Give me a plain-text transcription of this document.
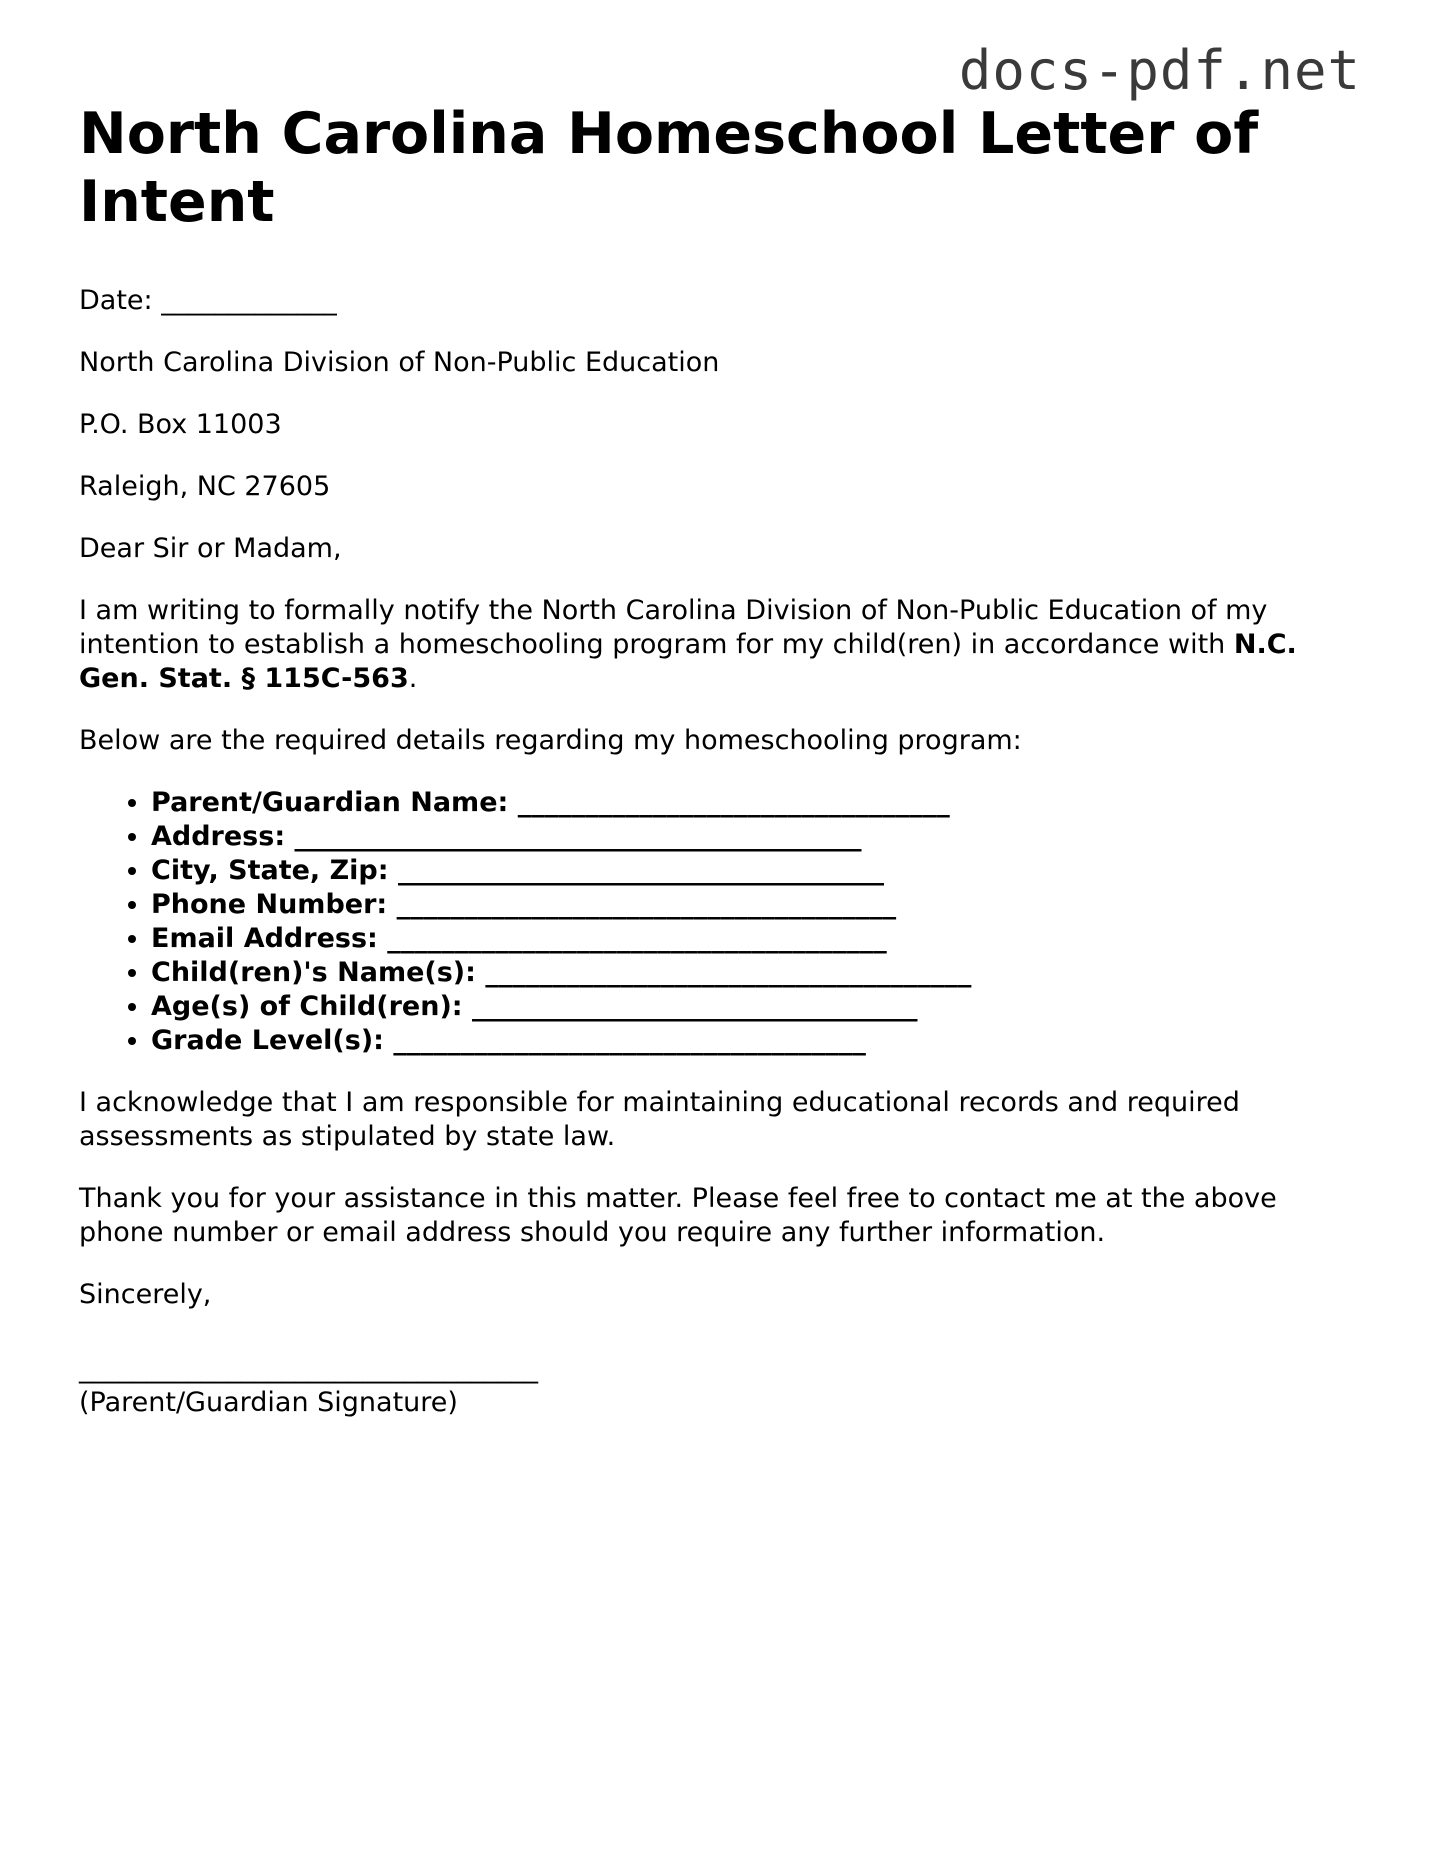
docs-pdf.net
North Carolina Homeschool Letter of Intent

Date: _____________

North Carolina Division of Non-Public Education

P.O. Box 11003

Raleigh, NC 27605

Dear Sir or Madam,

I am writing to formally notify the North Carolina Division of Non-Public Education of my intention to establish a homeschooling program for my child(ren) in accordance with N.C. Gen. Stat. § 115C-563.

Below are the required details regarding my homeschooling program:

• Parent/Guardian Name: ________________________________
• Address: __________________________________________
• City, State, Zip: ____________________________________
• Phone Number: _____________________________________
• Email Address: _____________________________________
• Child(ren)'s Name(s): ____________________________________
• Age(s) of Child(ren): _________________________________
• Grade Level(s): ___________________________________

I acknowledge that I am responsible for maintaining educational records and required assessments as stipulated by state law.

Thank you for your assistance in this matter. Please feel free to contact me at the above phone number or email address should you require any further information.

Sincerely,

__________________________________
(Parent/Guardian Signature)
